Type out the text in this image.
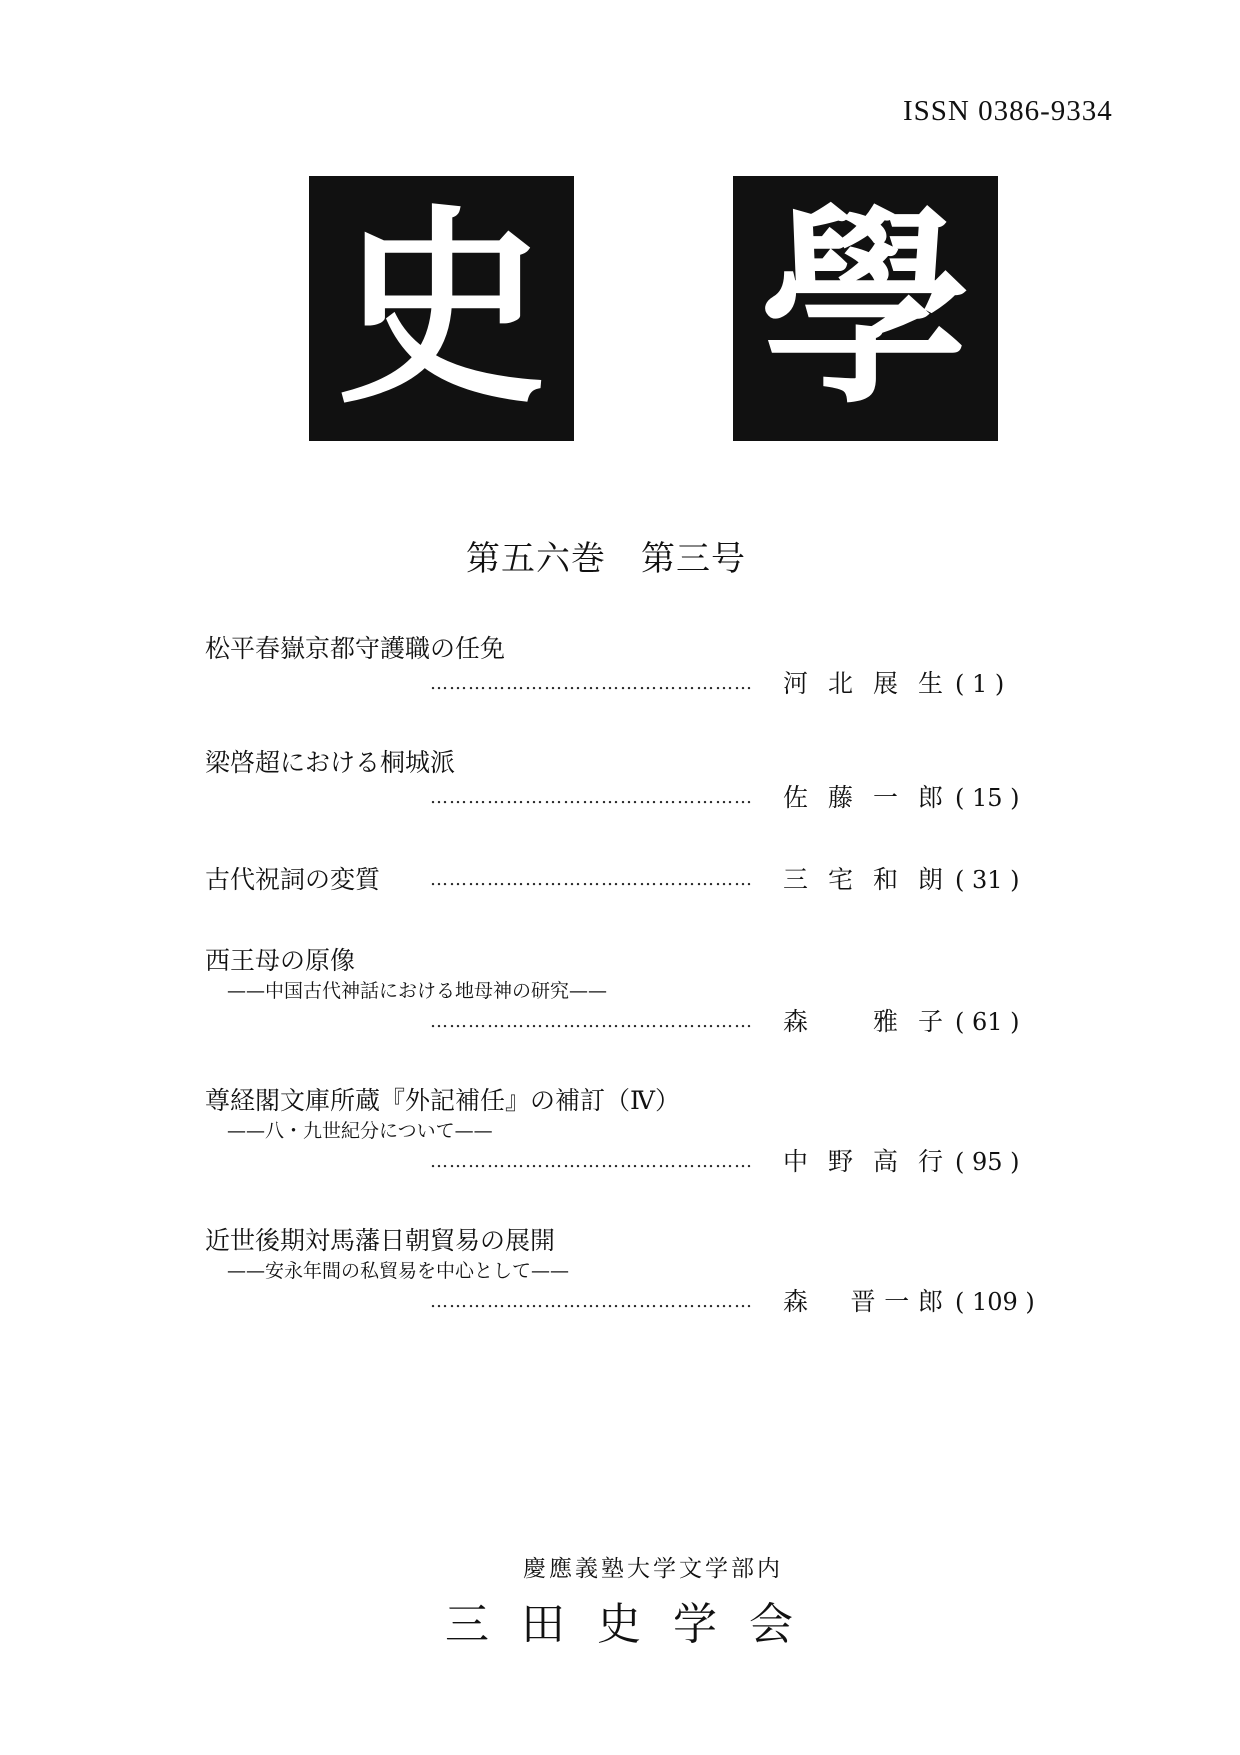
ISSN 0386-9334
史 學
第五六巻　第三号
松平春嶽京都守護職の任免
……………………………………………	河北展生 ( 1 )
梁啓超における桐城派
……………………………………………	佐藤一郎 ( 15 )
古代祝詞の変質	……………………………………………	三宅和朗 ( 31 )
西王母の原像
——中国古代神話における地母神の研究——
……………………………………………	森　雅子 ( 61 )
尊経閣文庫所蔵『外記補任』の補訂（Ⅳ）
——八・九世紀分について——
……………………………………………	中野高行 ( 95 )
近世後期対馬藩日朝貿易の展開
——安永年間の私貿易を中心として——
……………………………………………	森　晋一郎 ( 109 )
慶應義塾大学文学部内
三田史学会
